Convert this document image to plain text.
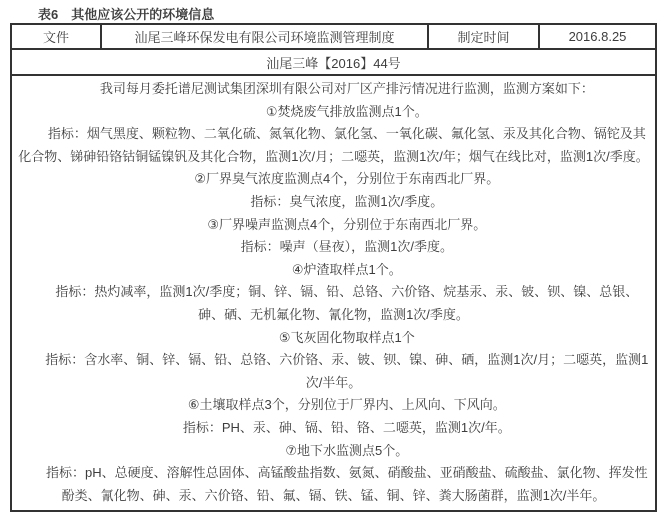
表6　其他应该公开的环境信息
文件	汕尾三峰环保发电有限公司环境监测管理制度	制定时间	2016.8.25
汕尾三峰【2016】44号

我司每月委托谱尼测试集团深圳有限公司对厂区产排污情况进行监测，监测方案如下：

①焚烧废气排放监测点1个。

指标：烟气黑度、颗粒物、二氧化硫、氮氧化物、氯化氢、一氧化碳、氟化氢、汞及其化合物、镉铊及其化合物、锑砷铅铬钴铜锰镍钒及其化合物，监测1次/月；二噁英，监测1次/年；烟气在线比对，监测1次/季度。

②厂界臭气浓度监测点4个，分别位于东南西北厂界。

指标：臭气浓度，监测1次/季度。

③厂界噪声监测点4个，分别位于东南西北厂界。

指标：噪声（昼夜），监测1次/季度。

④炉渣取样点1个。

指标：热灼减率，监测1次/季度；铜、锌、镉、铅、总铬、六价铬、烷基汞、汞、铍、钡、镍、总银、砷、硒、无机氟化物、氰化物，监测1次/季度。

⑤飞灰固化物取样点1个

指标：含水率、铜、锌、镉、铅、总铬、六价铬、汞、铍、钡、镍、砷、硒，监测1次/月；二噁英，监测1次/半年。

⑥土壤取样点3个，分别位于厂界内、上风向、下风向。

指标：PH、汞、砷、镉、铅、铬、二噁英，监测1次/年。

⑦地下水监测点5个。

指标：pH、总硬度、溶解性总固体、高锰酸盐指数、氨氮、硝酸盐、亚硝酸盐、硫酸盐、氯化物、挥发性酚类、氰化物、砷、汞、六价铬、铅、氟、镉、铁、锰、铜、锌、粪大肠菌群，监测1次/半年。
